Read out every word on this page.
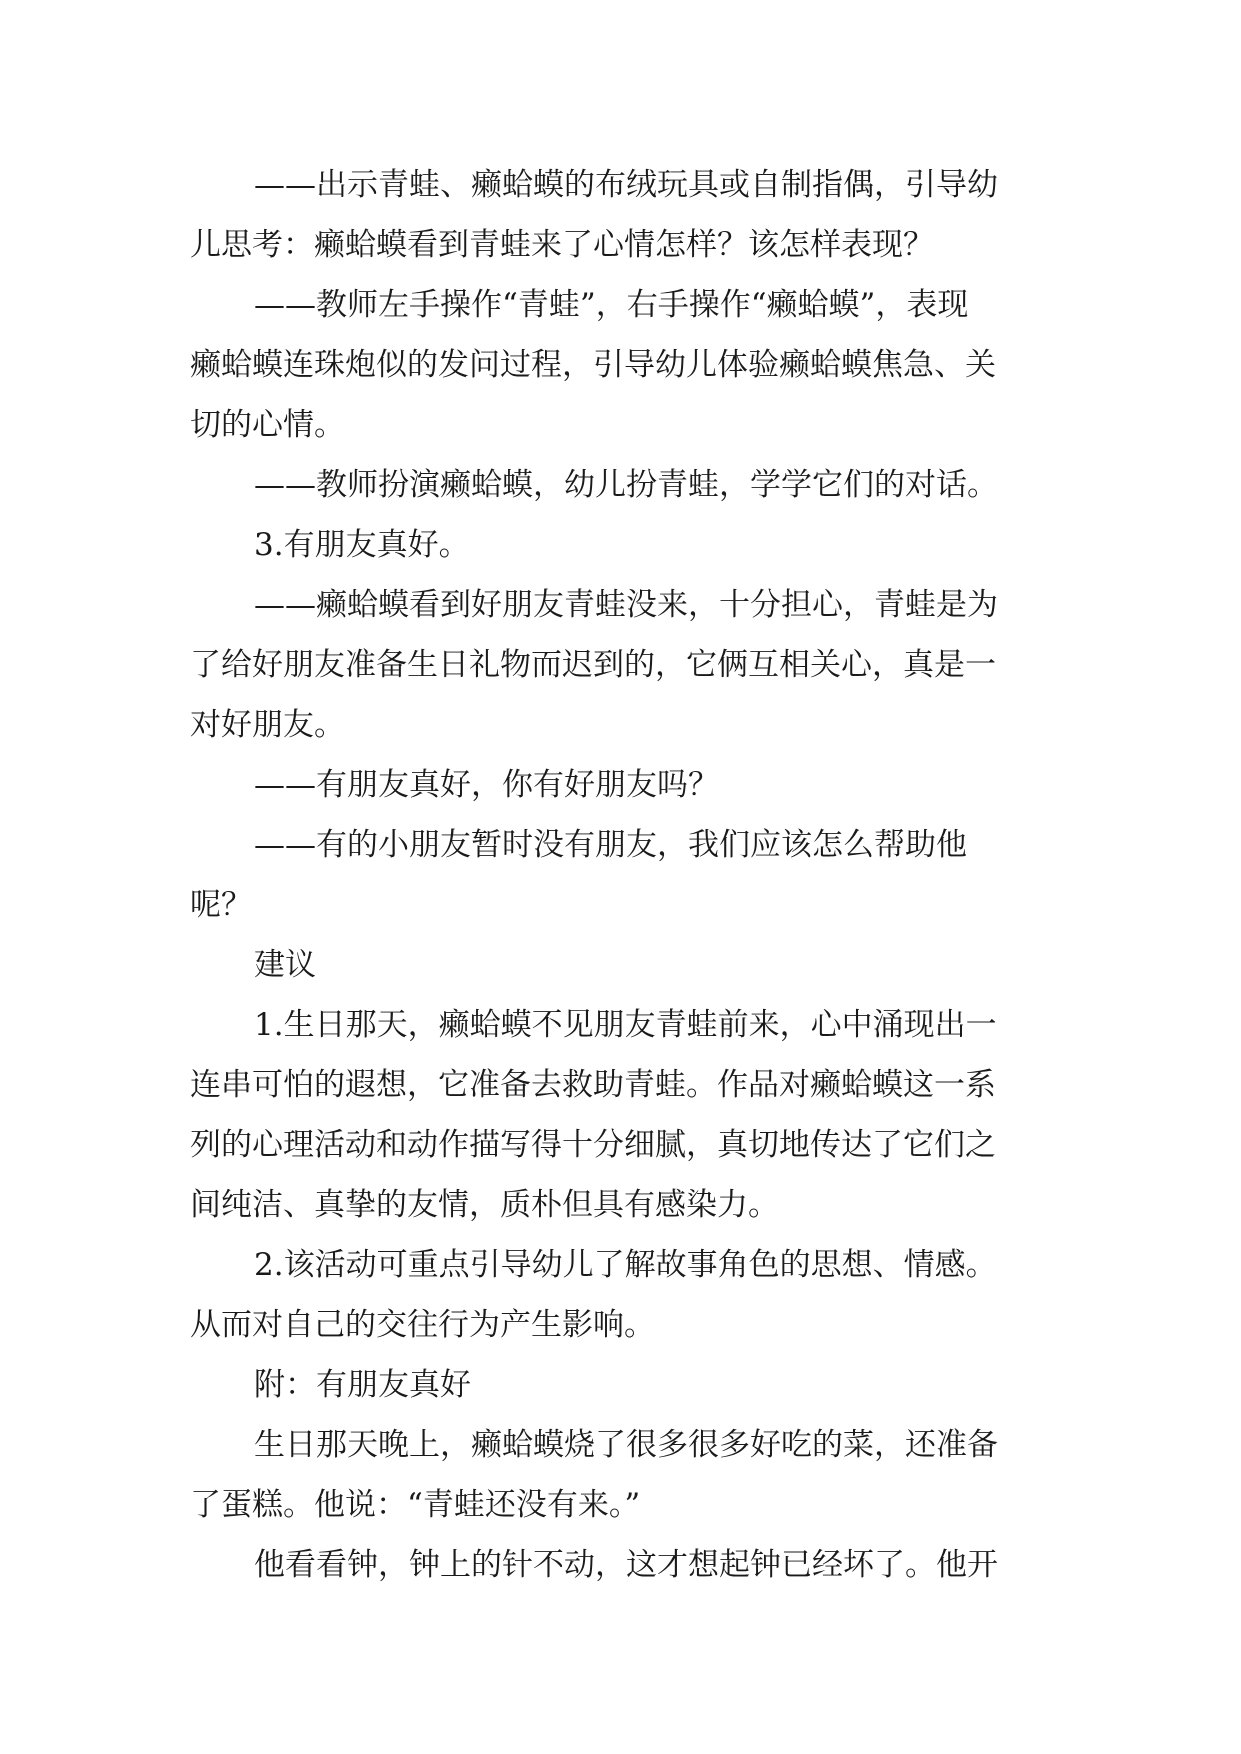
——出示青蛙、癞蛤蟆的布绒玩具或自制指偶，引导幼
儿思考：癞蛤蟆看到青蛙来了心情怎样？该怎样表现？
——教师左手操作“青蛙”，右手操作“癞蛤蟆”，表现
癞蛤蟆连珠炮似的发问过程，引导幼儿体验癞蛤蟆焦急、关
切的心情。
——教师扮演癞蛤蟆，幼儿扮青蛙，学学它们的对话。
3.有朋友真好。
——癞蛤蟆看到好朋友青蛙没来，十分担心，青蛙是为
了给好朋友准备生日礼物而迟到的，它俩互相关心，真是一
对好朋友。
——有朋友真好，你有好朋友吗？
——有的小朋友暂时没有朋友，我们应该怎么帮助他
呢？
建议
1.生日那天，癞蛤蟆不见朋友青蛙前来，心中涌现出一
连串可怕的遐想，它准备去救助青蛙。作品对癞蛤蟆这一系
列的心理活动和动作描写得十分细腻，真切地传达了它们之
间纯洁、真挚的友情，质朴但具有感染力。
2.该活动可重点引导幼儿了解故事角色的思想、情感。
从而对自己的交往行为产生影响。
附：有朋友真好
生日那天晚上，癞蛤蟆烧了很多很多好吃的菜，还准备
了蛋糕。他说：“青蛙还没有来。”
他看看钟，钟上的针不动，这才想起钟已经坏了。他开
